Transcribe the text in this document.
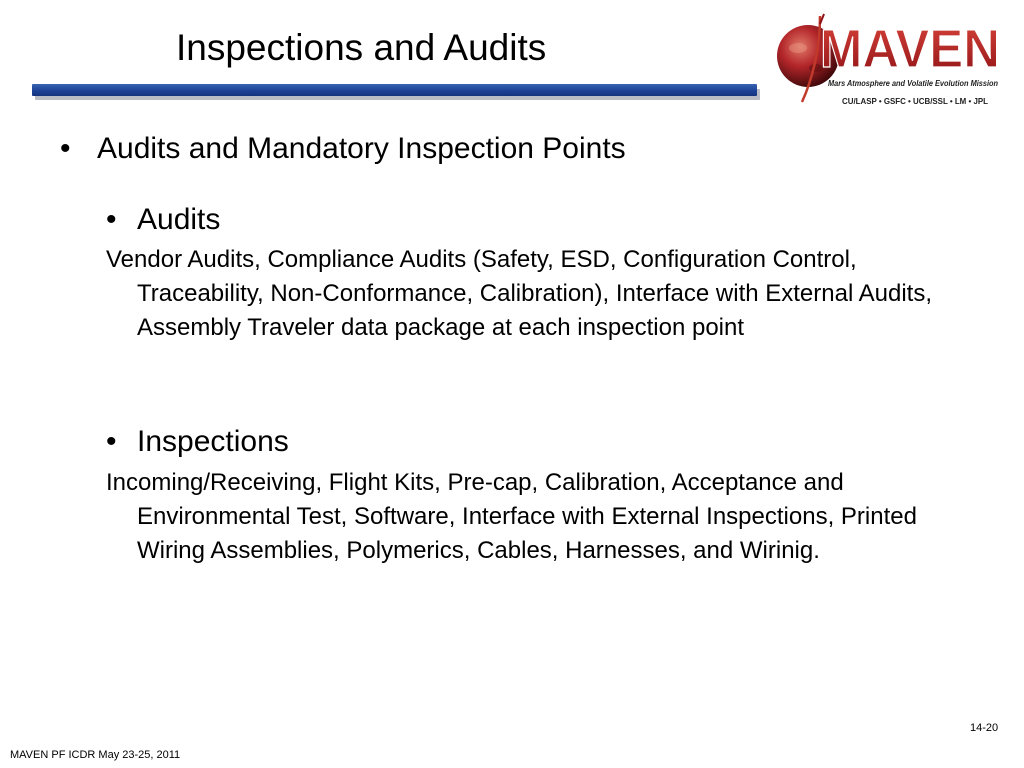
Inspections and Audits	MAVEN
Mars Atmosphere and Volatile Evolution Mission
CU/LASP • GSFC • UCB/SSL • LM • JPL
• Audits and Mandatory Inspection Points
• Audits
Vendor Audits, Compliance Audits (Safety, ESD, Configuration Control, Traceability, Non-Conformance, Calibration), Interface with External Audits, Assembly Traveler data package at each inspection point
• Inspections
Incoming/Receiving, Flight Kits, Pre-cap, Calibration, Acceptance and Environmental Test, Software, Interface with External Inspections, Printed Wiring Assemblies, Polymerics, Cables, Harnesses, and Wirinig.
MAVEN PF ICDR May 23-25, 2011
14-20
